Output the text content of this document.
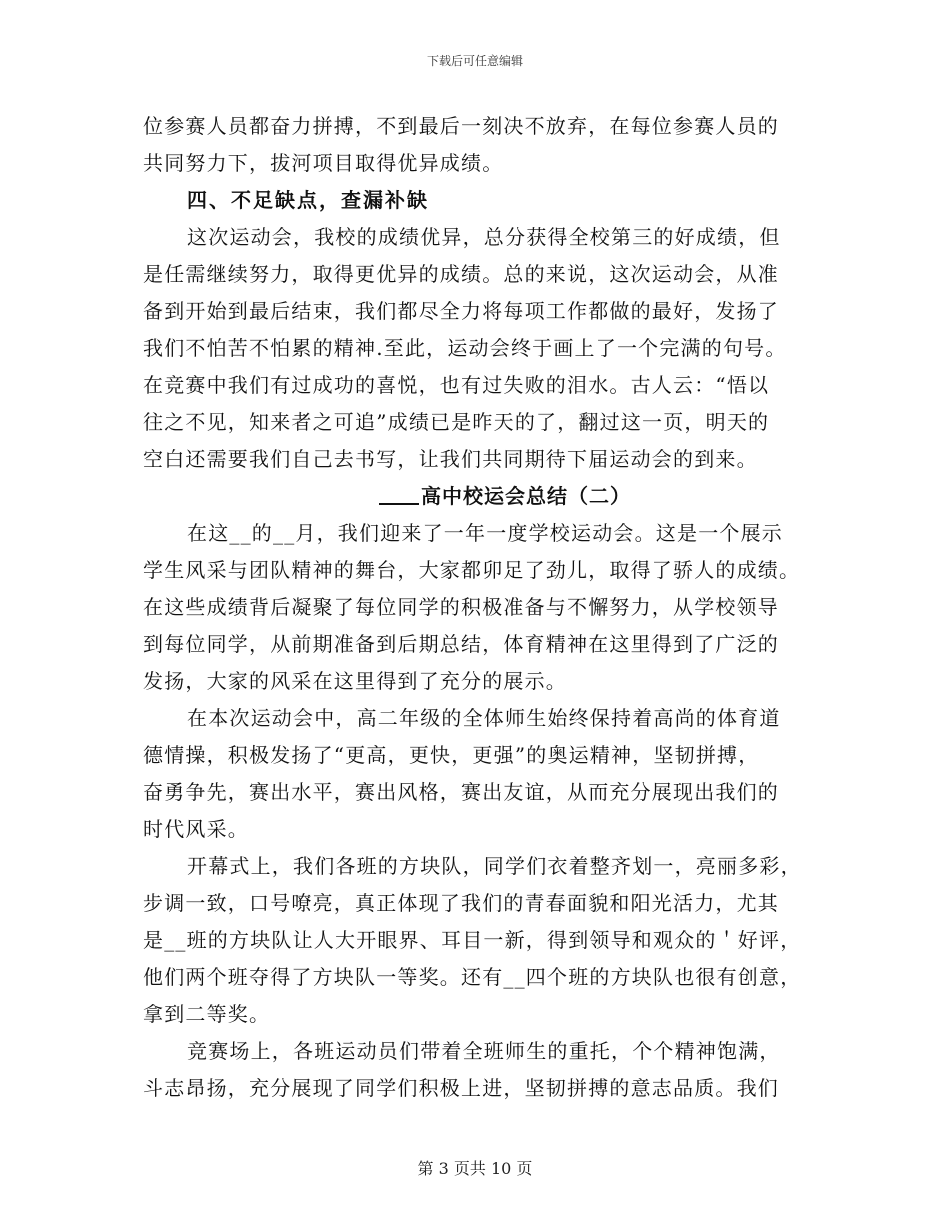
下载后可任意编辑
位参赛人员都奋力拼搏，不到最后一刻决不放弃，在每位参赛人员的
共同努力下，拔河项目取得优异成绩。
四、不足缺点，查漏补缺
这次运动会，我校的成绩优异，总分获得全校第三的好成绩，但
是任需继续努力，取得更优异的成绩。总的来说，这次运动会，从准
备到开始到最后结束，我们都尽全力将每项工作都做的最好，发扬了
我们不怕苦不怕累的精神.至此，运动会终于画上了一个完满的句号。
在竞赛中我们有过成功的喜悦，也有过失败的泪水。古人云：“悟以
往之不见，知来者之可追”成绩已是昨天的了，翻过这一页，明天的
空白还需要我们自己去书写，让我们共同期待下届运动会的到来。
高中校运会总结（二）
在这__的__月，我们迎来了一年一度学校运动会。这是一个展示
学生风采与团队精神的舞台，大家都卯足了劲儿，取得了骄人的成绩。
在这些成绩背后凝聚了每位同学的积极准备与不懈努力，从学校领导
到每位同学，从前期准备到后期总结，体育精神在这里得到了广泛的
发扬，大家的风采在这里得到了充分的展示。
在本次运动会中，高二年级的全体师生始终保持着高尚的体育道
德情操，积极发扬了“更高，更快，更强”的奥运精神，坚韧拼搏，
奋勇争先，赛出水平，赛出风格，赛出友谊，从而充分展现出我们的
时代风采。
开幕式上，我们各班的方块队，同学们衣着整齐划一，亮丽多彩，
步调一致，口号嘹亮，真正体现了我们的青春面貌和阳光活力，尤其
是__班的方块队让人大开眼界、耳目一新，得到领导和观众的＇好评，
他们两个班夺得了方块队一等奖。还有__四个班的方块队也很有创意，
拿到二等奖。
竞赛场上，各班运动员们带着全班师生的重托，个个精神饱满，
斗志昂扬，充分展现了同学们积极上进，坚韧拼搏的意志品质。我们
第 3 页共 10 页
